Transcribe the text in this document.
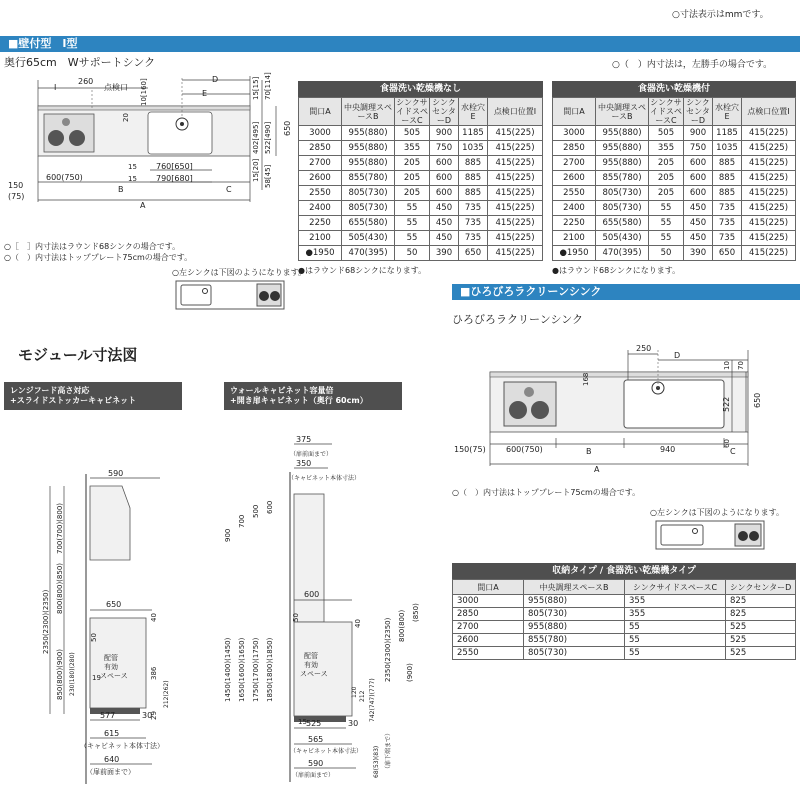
○寸法表示はmmです。
■壁付型　I型
奥行65cm　Wサポートシンク	○（　）内寸法は，左勝手の場合です。
I
260
点検口
D
E
10[160]
20
15[15] 70[114]
402[495] 522[490] 650
15[20] 58[45]
15 760[650]
15 790[680]
600(750)
B	C
A
150
(75)
食器洗い乾燥機なし
間口A	中央調理スペースB	シンクサイドスペースC	シンクセンターD	水栓穴E	点検口位置I
3000	955(880)	505	900	1185	415(225)
2850	955(880)	355	750	1035	415(225)
2700	955(880)	205	600	885	415(225)
2600	855(780)	205	600	885	415(225)
2550	805(730)	205	600	885	415(225)
2400	805(730)	55	450	735	415(225)
2250	655(580)	55	450	735	415(225)
2100	505(430)	55	450	735	415(225)
●1950	470(395)	50	390	650	415(225)
食器洗い乾燥機付
間口A	中央調理スペースB	シンクサイドスペースC	シンクセンターD	水栓穴E	点検口位置I
3000	955(880)	505	900	1185	415(225)
2850	955(880)	355	750	1035	415(225)
2700	955(880)	205	600	885	415(225)
2600	855(780)	205	600	885	415(225)
2550	805(730)	205	600	885	415(225)
2400	805(730)	55	450	735	415(225)
2250	655(580)	55	450	735	415(225)
2100	505(430)	55	450	735	415(225)
●1950	470(395)	50	390	650	415(225)
○［　］内寸法はラウンド68シンクの場合です。
○（　）内寸法はトッププレート75cmの場合です。
●はラウンド68シンクになります。	●はラウンド68シンクになります。
○左シンクは下図のようになります。
■ひろびろラクリーンシンク
ひろびろラクリーンシンク
250
D
168
10 70
522	650
60
150(75)	600(750)	B	940	C
A
○（　）内寸法はトッププレート75cmの場合です。
○左シンクは下図のようになります。
収納タイプ / 食器洗い乾燥機タイプ
間口A	中央調理スペースB	シンクサイドスペースC	シンクセンターD
3000	955(880)	355	825
2850	805(730)	355	825
2700	955(880)	55	525
2600	855(780)	55	525
2550	805(730)	55	525
モジュール寸法図
レンジフード高さ対応
+スライドストッカーキャビネット
ウォールキャビネット容量倍
+開き扉キャビネット（奥行 60cm）
590
650
2350(2300)(2350)
700(700)(800)
800(800)(850)
850(800)(900) 230(180)(280)
40
50
386
212(262)
29
19
配管有効スペース
577	30
615
（キャビネット本体寸法）
640
（扉前面まで）
375
（扉前面まで）
350
（キャビネット本体寸法）
600
900
700
500 600
1450(1400)(1450) 1650(1600)(1650) 1750(1700)(1750) 1850(1800)(1850)	2350(2300)(2350) 800(800) (850)
(900)
50
40
配管有効スペース
120 212 742(747)(777)
15 525	30
565
（キャビネット本体寸法）
590
（扉前面まで）	68(53)(83) （扉下端まで）
